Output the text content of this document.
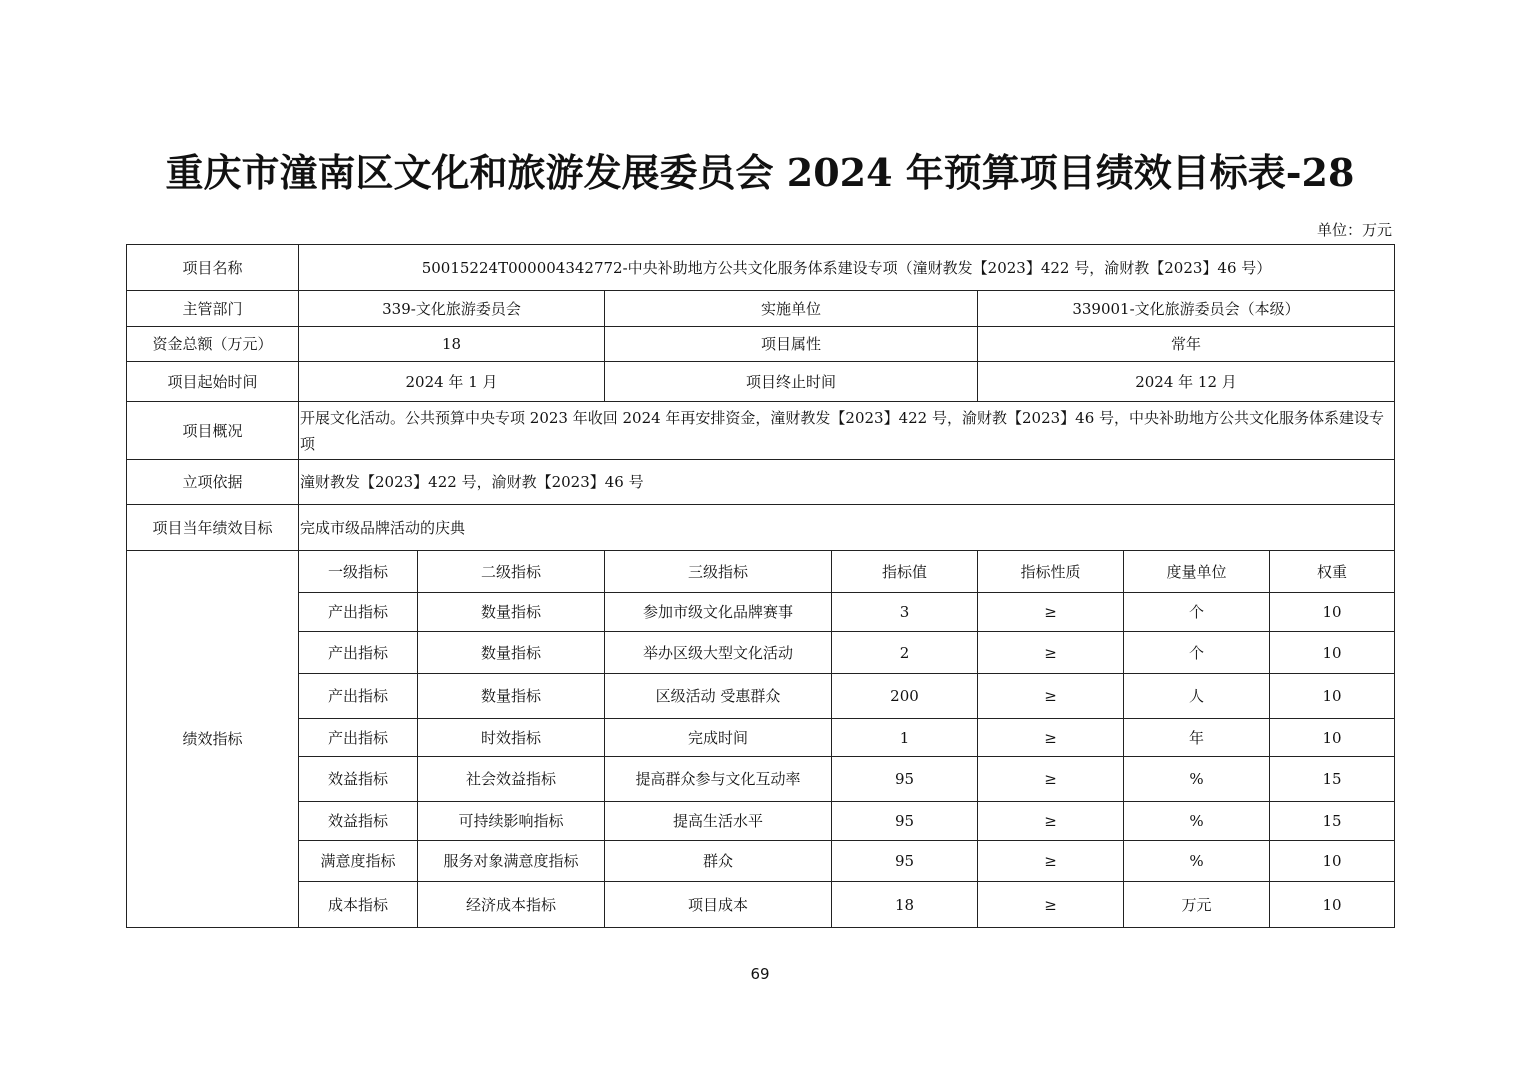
重庆市潼南区文化和旅游发展委员会 2024 年预算项目绩效目标表-28
单位：万元
项目名称	50015224T000004342772-中央补助地方公共文化服务体系建设专项（潼财教发【2023】422 号，渝财教【2023】46 号）						
主管部门	339-文化旅游委员会		实施单位		339001-文化旅游委员会（本级）		
资金总额（万元）	18		项目属性		常年		
项目起始时间	2024 年 1 月		项目终止时间		2024 年 12 月		
项目概况	开展文化活动。公共预算中央专项 2023 年收回 2024 年再安排资金，潼财教发【2023】422 号，渝财教【2023】46 号，中央补助地方公共文化服务体系建设专项						
立项依据	潼财教发【2023】422 号，渝财教【2023】46 号						
项目当年绩效目标	完成市级品牌活动的庆典						
绩效指标	一级指标	二级指标	三级指标	指标值	指标性质	度量单位	权重
	产出指标	数量指标	参加市级文化品牌赛事	3	≥	个	10
	产出指标	数量指标	举办区级大型文化活动	2	≥	个	10
	产出指标	数量指标	区级活动 受惠群众	200	≥	人	10
	产出指标	时效指标	完成时间	1	≥	年	10
	效益指标	社会效益指标	提高群众参与文化互动率	95	≥	%	15
	效益指标	可持续影响指标	提高生活水平	95	≥	%	15
	满意度指标	服务对象满意度指标	群众	95	≥	%	10
	成本指标	经济成本指标	项目成本	18	≥	万元	10
69
